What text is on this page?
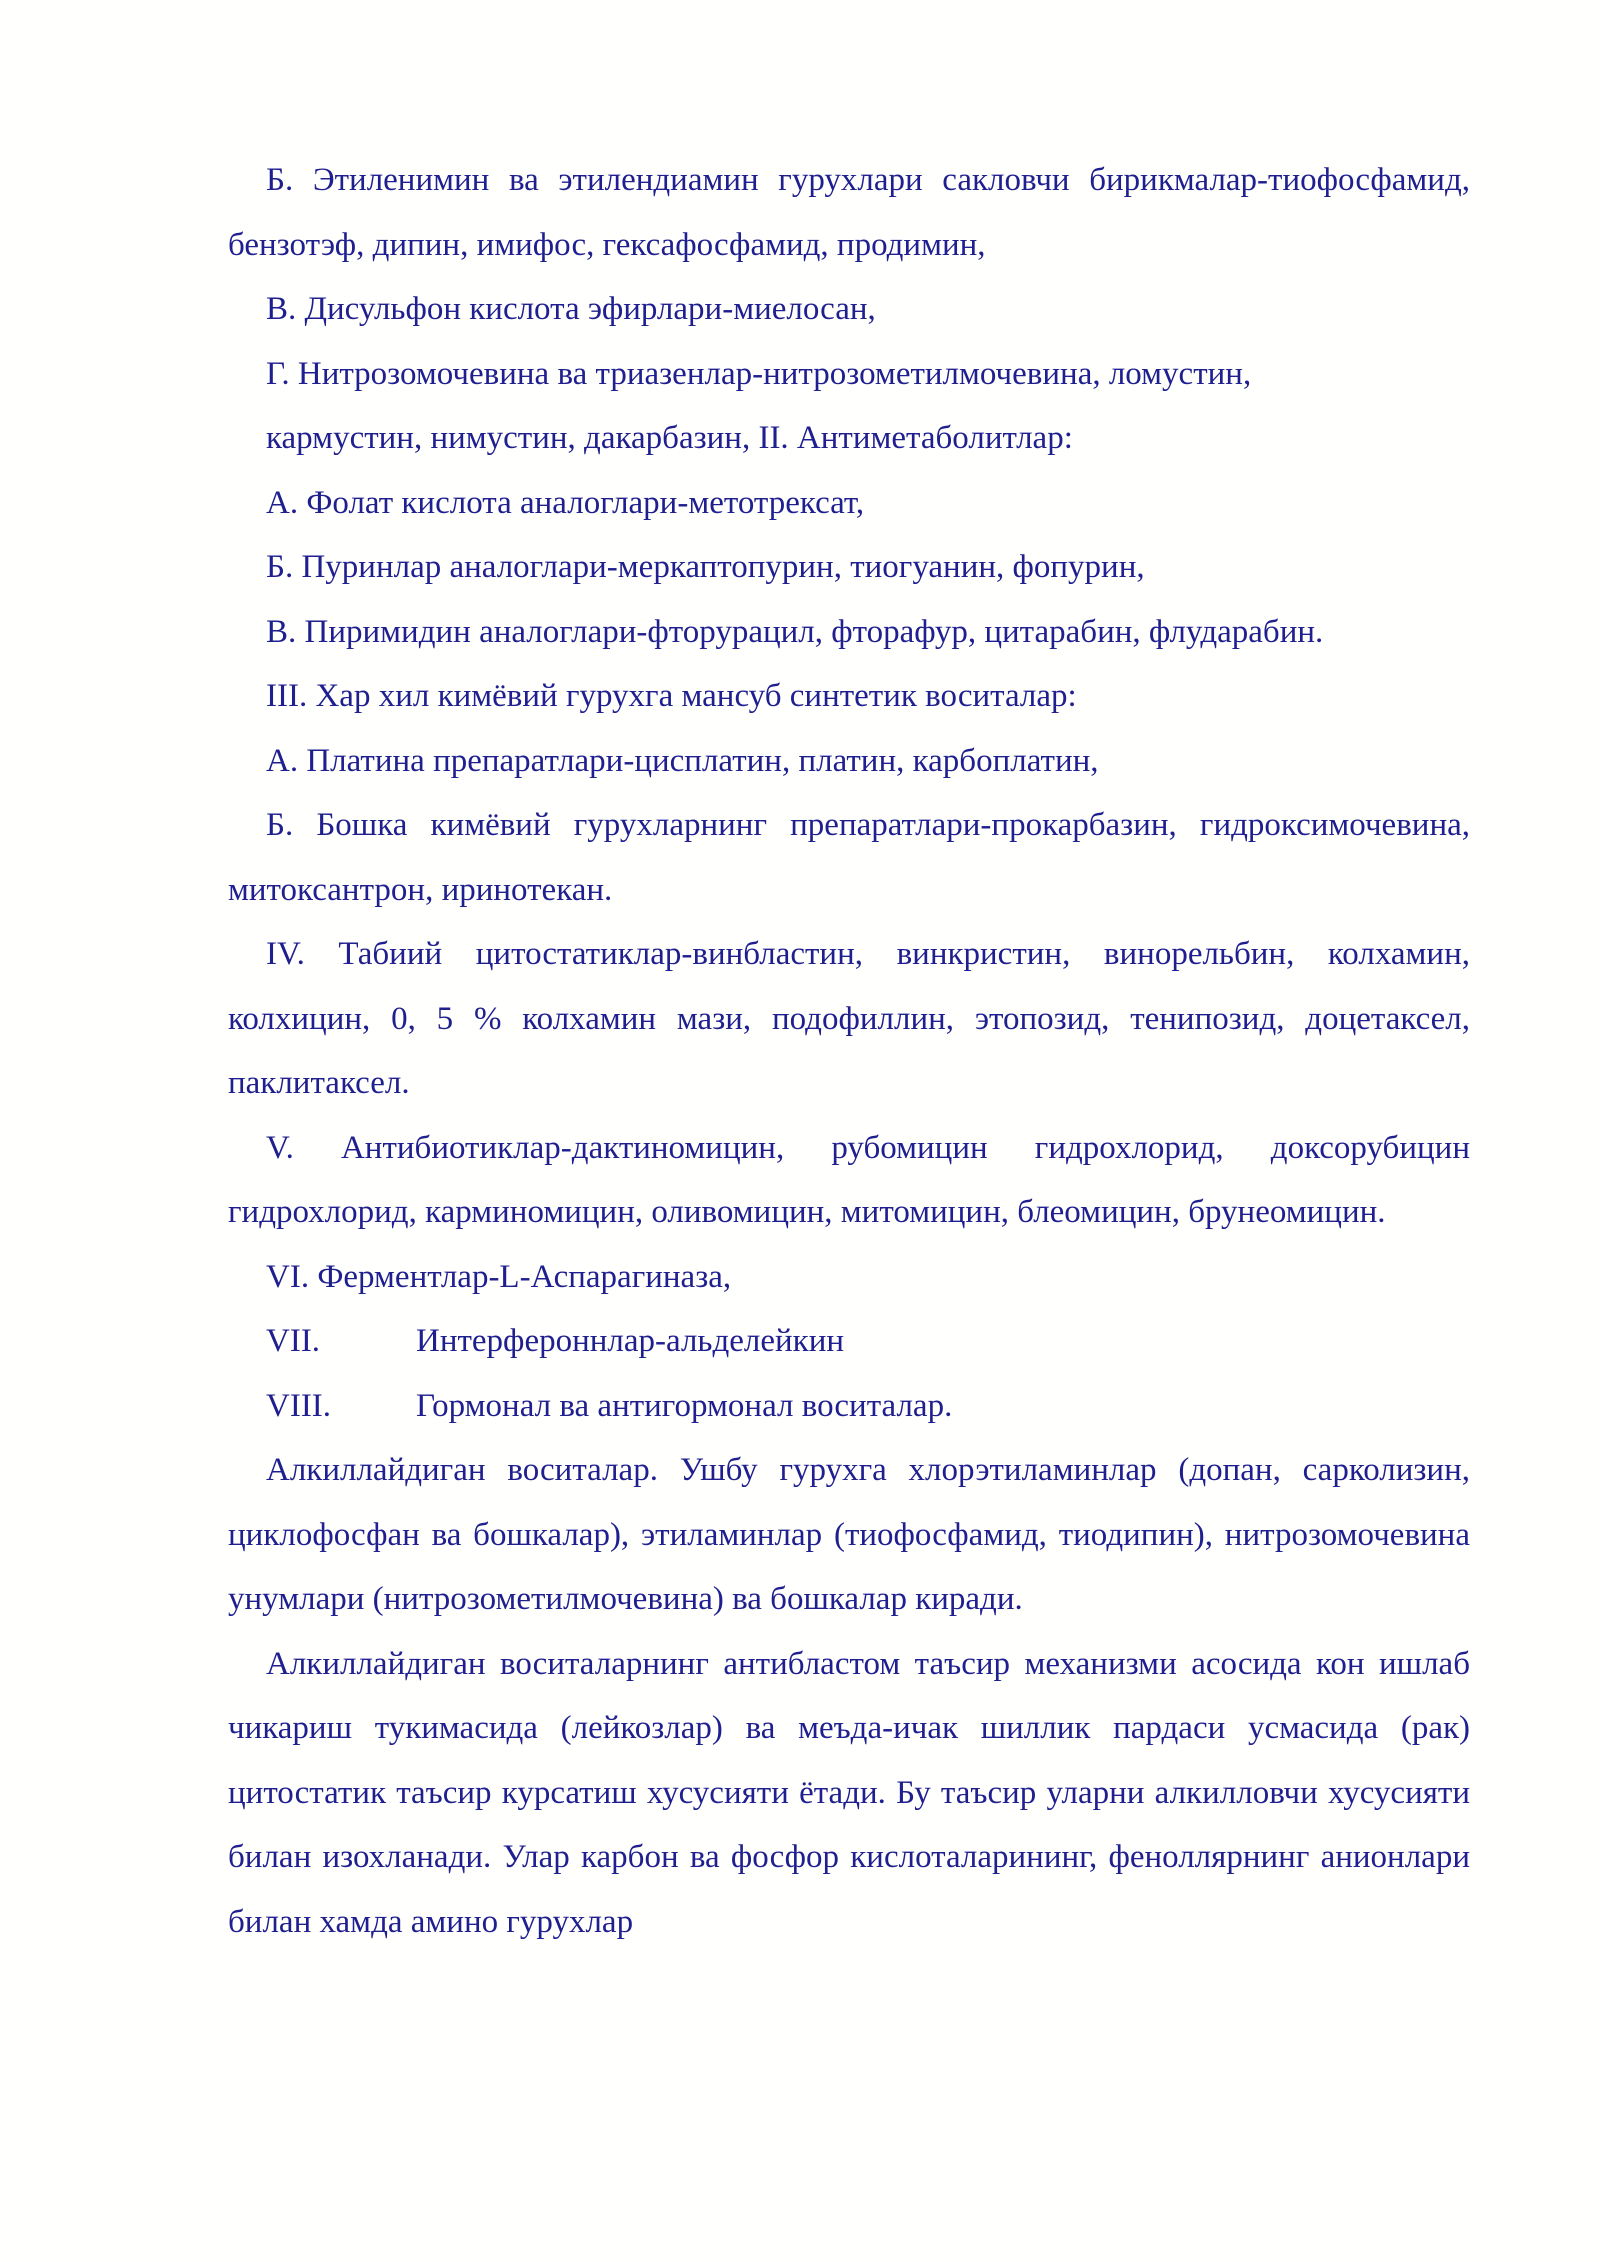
Б. Этиленимин ва этилендиамин гурухлари сакловчи бирикмалар-тиофосфамид, бензотэф, дипин, имифос, гексафосфамид, продимин,

В. Дисульфон кислота эфирлари-миелосан,

Г. Нитрозомочевина ва триазенлар-нитрозометилмочевина, ломустин,

кармустин, нимустин, дакарбазин, II. Антиметаболитлар:

А. Фолат кислота аналоглари-метотрексат,

Б. Пуринлар аналоглари-меркаптопурин, тиогуанин, фопурин,

В. Пиримидин аналоглари-фторурацил, фторафур, цитарабин, флударабин.

III. Хар хил кимёвий гурухга мансуб синтетик воситалар:

А. Платина препаратлари-цисплатин, платин, карбоплатин,

Б. Бошка кимёвий гурухларнинг препаратлари-прокарбазин, гидроксимочевина, митоксантрон, иринотекан.

IV. Табиий цитостатиклар-винбластин, винкристин, винорельбин, колхамин, колхицин, 0, 5 % колхамин мази, подофиллин, этопозид, тенипозид, доцетаксел, паклитаксел.

V. Антибиотиклар-дактиномицин, рубомицин гидрохлорид, доксорубицин гидрохлорид, карминомицин, оливомицин, митомицин, блеомицин, брунеомицин.

VI. Ферментлар-L-Аспарагиназа,

VII.	Интерфероннлар-альделейкин

VIII.	Гормонал ва антигормонал воситалар.

Алкиллайдиган воситалар. Ушбу гурухга хлорэтиламинлар (допан, сарколизин, циклофосфан ва бошкалар), этиламинлар (тиофосфамид, тиодипин), нитрозомочевина унумлари (нитрозометилмочевина) ва бошкалар киради.

Алкиллайдиган воситаларнинг антибластом таъсир механизми асосида кон ишлаб чикариш тукимасида (лейкозлар) ва меъда-ичак шиллик пардаси усмасида (рак) цитостатик таъсир курсатиш хусусияти ётади. Бу таъсир уларни алкилловчи хусусияти билан изохланади. Улар карбон ва фосфор кислоталарининг, феноллярнинг анионлари билан хамда амино гурухлар
